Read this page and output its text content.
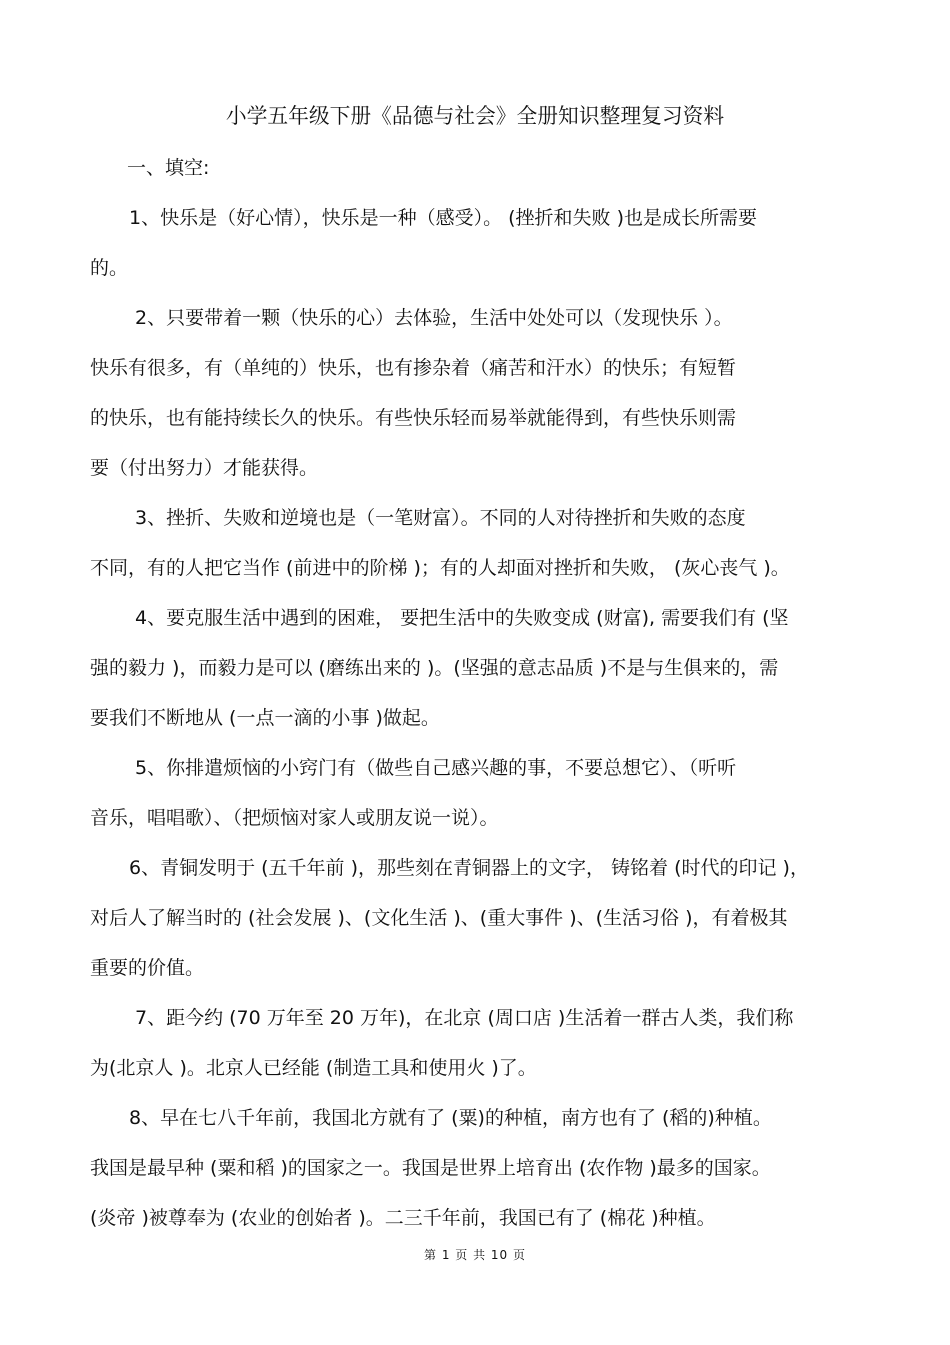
小学五年级下册《品德与社会》全册知识整理复习资料
一、填空:
1、快乐是（好心情），快乐是一种（感受）。 (挫折和失败 )也是成长所需要
的。
2、只要带着一颗（快乐的心）去体验，生活中处处可以（发现快乐 ）。
快乐有很多，有（单纯的）快乐，也有掺杂着（痛苦和汗水）的快乐；有短暂
的快乐，也有能持续长久的快乐。有些快乐轻而易举就能得到，有些快乐则需
要（付出努力）才能获得。
3、挫折、失败和逆境也是（一笔财富）。不同的人对待挫折和失败的态度
不同，有的人把它当作 (前进中的阶梯 )；有的人却面对挫折和失败， (灰心丧气 )。
4、要克服生活中遇到的困难， 要把生活中的失败变成 (财富), 需要我们有 (坚
强的毅力 )，而毅力是可以 (磨练出来的 )。(坚强的意志品质 )不是与生俱来的，需
要我们不断地从 (一点一滴的小事 )做起。
5、你排遣烦恼的小窍门有（做些自己感兴趣的事，不要总想它）、（听听
音乐，唱唱歌）、（把烦恼对家人或朋友说一说）。
6、青铜发明于 (五千年前 )，那些刻在青铜器上的文字， 铸铭着 (时代的印记 )，
对后人了解当时的 (社会发展 )、(文化生活 )、(重大事件 )、(生活习俗 )，有着极其
重要的价值。
7、距今约 (70 万年至 20 万年)，在北京 (周口店 )生活着一群古人类，我们称
为(北京人 )。北京人已经能 (制造工具和使用火 )了。
8、早在七八千年前，我国北方就有了 (粟)的种植，南方也有了 (稻的)种植。
我国是最早种 (粟和稻 )的国家之一。我国是世界上培育出 (农作物 )最多的国家。
(炎帝 )被尊奉为 (农业的创始者 )。二三千年前，我国已有了 (棉花 )种植。
第 1 页 共 10 页
